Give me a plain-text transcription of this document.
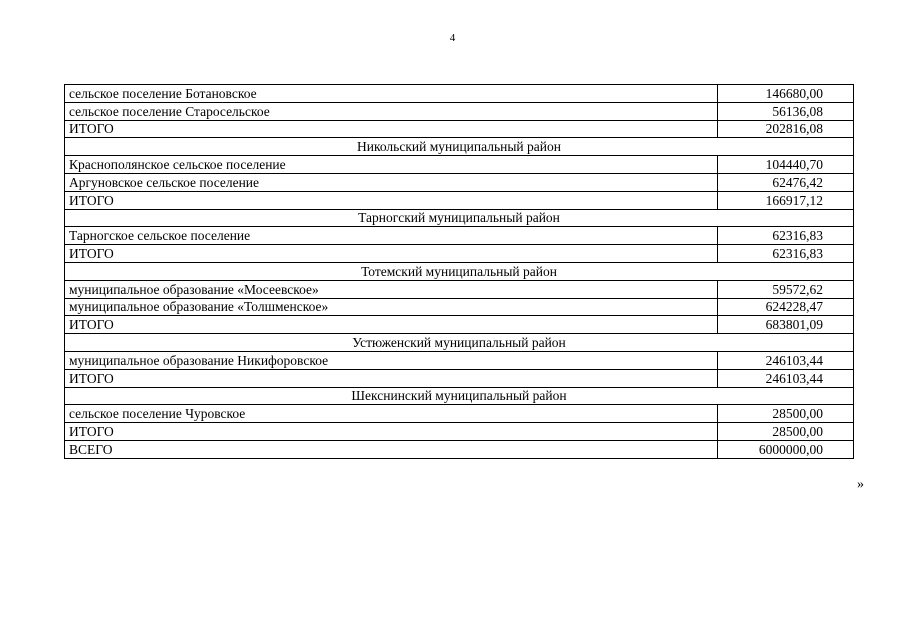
4
сельское поселение Ботановское	146680,00
сельское поселение Старосельское	56136,08
ИТОГО	202816,08
Никольский муниципальный район	
Краснополянское сельское поселение	104440,70
Аргуновское сельское поселение	62476,42
ИТОГО	166917,12
Тарногский муниципальный район	
Тарногское сельское поселение	62316,83
ИТОГО	62316,83
Тотемский муниципальный район	
муниципальное образование «Мосеевское»	59572,62
муниципальное образование «Толшменское»	624228,47
ИТОГО	683801,09
Устюженский муниципальный район	
муниципальное образование Никифоровское	246103,44
ИТОГО	246103,44
Шекснинский муниципальный район	
сельское поселение Чуровское	28500,00
ИТОГО	28500,00
ВСЕГО	6000000,00
»
